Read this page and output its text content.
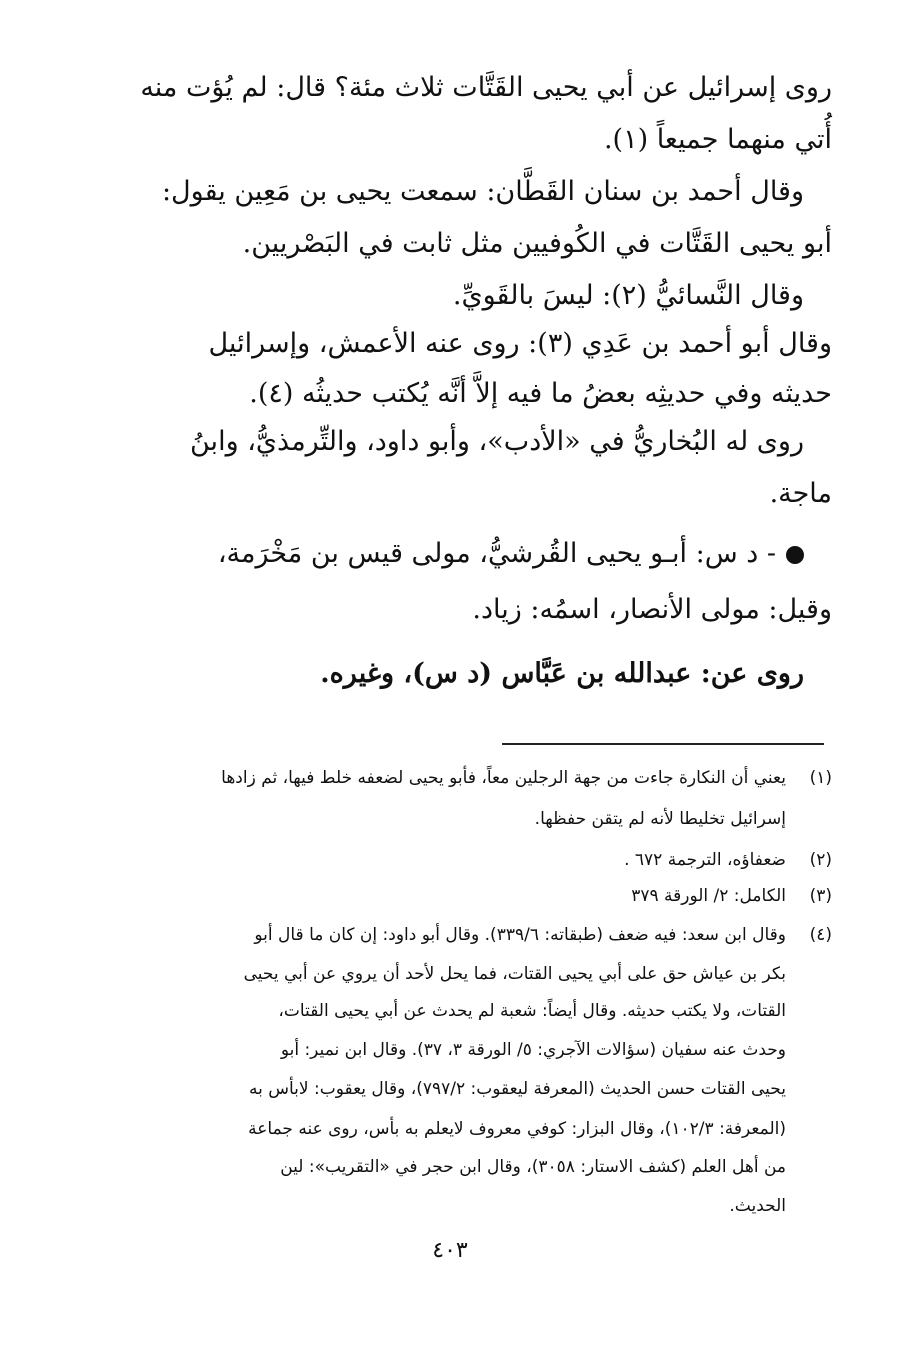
روى إسرائيل عن أبي يحيى القَتَّات ثلاث مئة؟ قال: لم يُؤت منه
أُتي منهما جميعاً (١).
وقال أحمد بن سنان القَطَّان: سمعت يحيى بن مَعِين يقول:
أبو يحيى القَتَّات في الكُوفيين مثل ثابت في البَصْريين.
وقال النَّسائيُّ (٢): ليسَ بالقَويِّ.
وقال أبو أحمد بن عَدِي (٣): روى عنه الأعمش، وإسرائيل
حديثه وفي حديثِه بعضُ ما فيه إلاَّ أنَّه يُكتب حديثُه (٤).
روى له البُخاريُّ في «الأدب»، وأبو داود، والتِّرمذيُّ، وابنُ
ماجة.
- د س: أبـو يحيى القُرشيُّ، مولى قيس بن مَخْرَمة،
وقيل: مولى الأنصار، اسمُه: زياد.
روى عن: عبدالله بن عَبَّاس (د س)، وغيره.
(١)
يعني أن النكارة جاءت من جهة الرجلين معاً، فأبو يحيى لضعفه خلط فيها، ثم زادها
إسرائيل تخليطا لأنه لم يتقن حفظها.
(٢)
ضعفاؤه، الترجمة ٦٧٢ .
(٣)
الكامل: ٢/ الورقة ٣٧٩
(٤)
وقال ابن سعد: فيه ضعف (طبقاته: ٣٣٩/٦). وقال أبو داود: إن كان ما قال أبو
بكر بن عياش حق على أبي يحيى القتات، فما يحل لأحد أن يروي عن أبي يحيى
القتات، ولا يكتب حديثه. وقال أيضاً: شعبة لم يحدث عن أبي يحيى القتات،
وحدث عنه سفيان (سؤالات الآجري: ٥/ الورقة ٣، ٣٧). وقال ابن نمير: أبو
يحيى القتات حسن الحديث (المعرفة ليعقوب: ٧٩٧/٢)، وقال يعقوب: لابأس به
(المعرفة: ١٠٢/٣)، وقال البزار: كوفي معروف لايعلم به بأس، روى عنه جماعة
من أهل العلم (كشف الاستار: ٣٠٥٨)، وقال ابن حجر في «التقريب»: لين
الحديث.
٤٠٣
